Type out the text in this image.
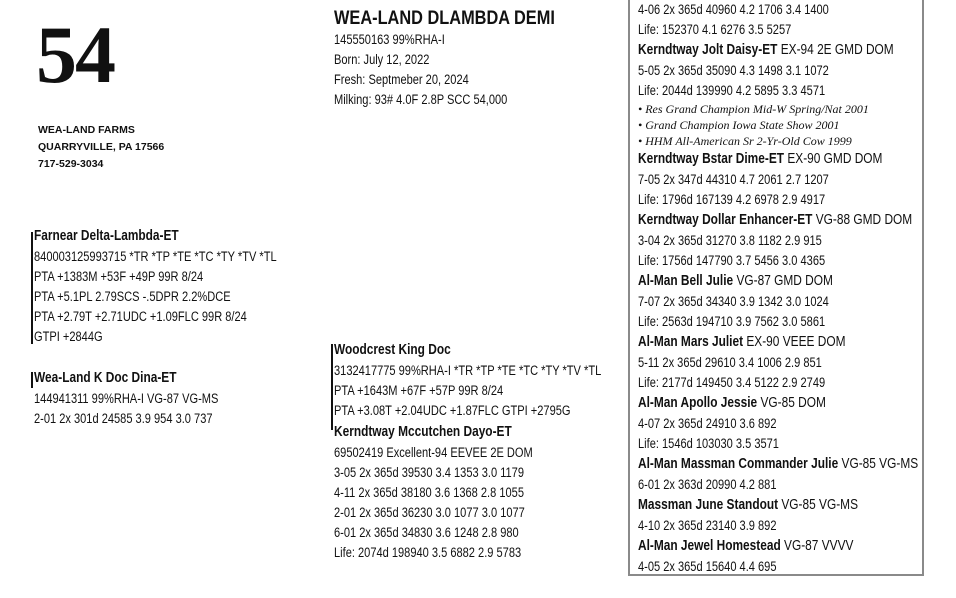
54
WEA-LAND FARMS
QUARRYVILLE, PA 17566
717-529-3034
WEA-LAND DLAMBDA DEMI
145550163 99%RHA-I
Born: July 12, 2022
Fresh: Septmeber 20, 2024
Milking: 93# 4.0F 2.8P SCC 54,000
Farnear Delta-Lambda-ET
840003125993715 *TR *TP *TE *TC *TY *TV *TL
PTA +1383M +53F +49P 99R 8/24
PTA +5.1PL 2.79SCS -.5DPR 2.2%DCE
PTA +2.79T +2.71UDC +1.09FLC 99R 8/24
GTPI +2844G
Wea-Land K Doc Dina-ET
144941311 99%RHA-I VG-87 VG-MS
2-01 2x 301d 24585 3.9 954 3.0 737
Woodcrest King Doc
3132417775 99%RHA-I *TR *TP *TE *TC *TY *TV *TL
PTA +1643M +67F +57P 99R 8/24
PTA +3.08T +2.04UDC +1.87FLC GTPI +2795G
Kerndtway Mccutchen Dayo-ET
69502419 Excellent-94 EEVEE 2E DOM
3-05 2x 365d 39530 3.4 1353 3.0 1179
4-11 2x 365d 38180 3.6 1368 2.8 1055
2-01 2x 365d 36230 3.0 1077 3.0 1077
6-01 2x 365d 34830 3.6 1248 2.8 980
Life: 2074d 198940 3.5 6882 2.9 5783
4-06 2x 365d 40960 4.2 1706 3.4 1400
Life: 152370 4.1 6276 3.5 5257
Kerndtway Jolt Daisy-ET EX-94 2E GMD DOM
5-05 2x 365d 35090 4.3 1498 3.1 1072
Life: 2044d 139990 4.2 5895 3.3 4571
• Res Grand Champion Mid-W Spring/Nat 2001
• Grand Champion Iowa State Show 2001
• HHM All-American Sr 2-Yr-Old Cow 1999
Kerndtway Bstar Dime-ET EX-90 GMD DOM
7-05 2x 347d 44310 4.7 2061 2.7 1207
Life: 1796d 167139 4.2 6978 2.9 4917
Kerndtway Dollar Enhancer-ET VG-88 GMD DOM
3-04 2x 365d 31270 3.8 1182 2.9 915
Life: 1756d 147790 3.7 5456 3.0 4365
Al-Man Bell Julie VG-87 GMD DOM
7-07 2x 365d 34340 3.9 1342 3.0 1024
Life: 2563d 194710 3.9 7562 3.0 5861
Al-Man Mars Juliet EX-90 VEEE DOM
5-11 2x 365d 29610 3.4 1006 2.9 851
Life: 2177d 149450 3.4 5122 2.9 2749
Al-Man Apollo Jessie VG-85 DOM
4-07 2x 365d 24910 3.6 892
Life: 1546d 103030 3.5 3571
Al-Man Massman Commander Julie VG-85 VG-MS
6-01 2x 363d 20990 4.2 881
Massman June Standout VG-85 VG-MS
4-10 2x 365d 23140 3.9 892
Al-Man Jewel Homestead VG-87 VVVV
4-05 2x 365d 15640 4.4 695
